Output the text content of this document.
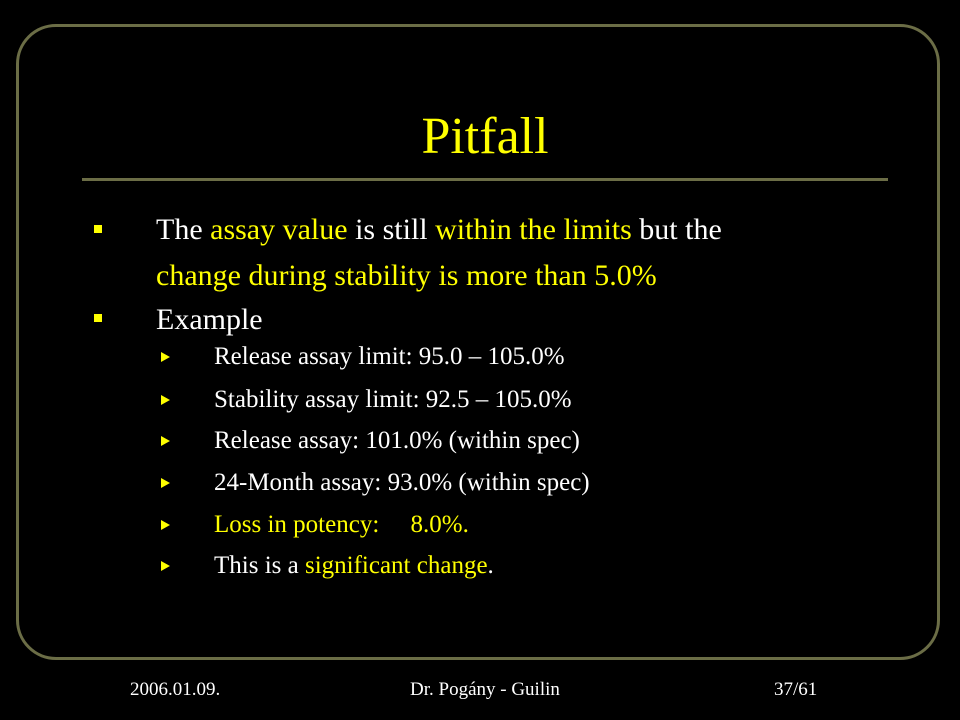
Pitfall
The assay value is still within the limits but the
change during stability is more than 5.0%
Example
Release assay limit: 95.0 – 105.0%
Stability assay limit: 92.5 – 105.0%
Release assay: 101.0% (within spec)
24-Month assay: 93.0% (within spec)
Loss in potency:     8.0%.
This is a significant change.
2006.01.09.	Dr. Pogány - Guilin	37/61
